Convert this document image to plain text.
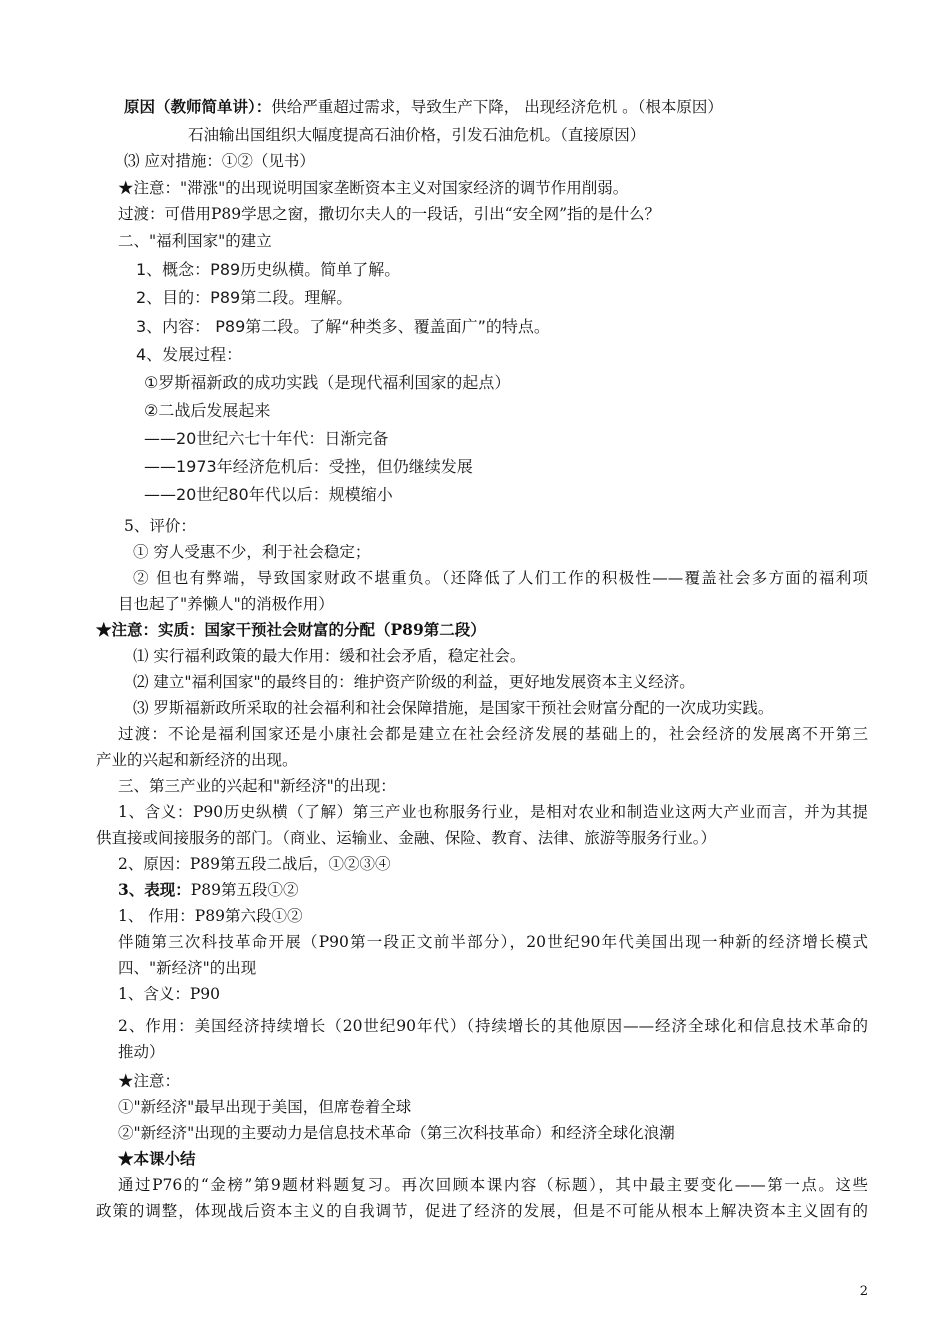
原因（教师简单讲）：供给严重超过需求，导致生产下降， 出现经济危机 。（根本原因）
石油输出国组织大幅度提高石油价格，引发石油危机。（直接原因）
⑶ 应对措施：①②（见书）
★注意："滞涨"的出现说明国家垄断资本主义对国家经济的调节作用削弱。
过渡：可借用P89学思之窗，撒切尔夫人的一段话，引出“安全网”指的是什么？
二、"福利国家"的建立
1、概念：P89历史纵横。简单了解。
2、目的：P89第二段。理解。
3、内容： P89第二段。了解“种类多、覆盖面广”的特点。
4、发展过程：
①罗斯福新政的成功实践（是现代福利国家的起点）
②二战后发展起来
——20世纪六七十年代：日渐完备
——1973年经济危机后：受挫，但仍继续发展
——20世纪80年代以后：规模缩小
5、评价：
① 穷人受惠不少，利于社会稳定；
② 但也有弊端，导致国家财政不堪重负。（还降低了人们工作的积极性——覆盖社会多方面的福利项
目也起了"养懒人"的消极作用）
★注意：实质：国家干预社会财富的分配（P89第二段）
⑴ 实行福利政策的最大作用：缓和社会矛盾，稳定社会。
⑵ 建立"福利国家"的最终目的：维护资产阶级的利益，更好地发展资本主义经济。
⑶ 罗斯福新政所采取的社会福利和社会保障措施，是国家干预社会财富分配的一次成功实践。
过渡：不论是福利国家还是小康社会都是建立在社会经济发展的基础上的，社会经济的发展离不开第三
产业的兴起和新经济的出现。
三、第三产业的兴起和"新经济"的出现：
1、含义：P90历史纵横（了解）第三产业也称服务行业，是相对农业和制造业这两大产业而言，并为其提
供直接或间接服务的部门。（商业、运输业、金融、保险、教育、法律、旅游等服务行业。）
2、原因：P89第五段二战后，①②③④
3、表现：P89第五段①②
1、 作用：P89第六段①②
伴随第三次科技革命开展（P90第一段正文前半部分），20世纪90年代美国出现一种新的经济增长模式
四、"新经济"的出现
1、含义：P90
2、作用：美国经济持续增长（20世纪90年代）（持续增长的其他原因——经济全球化和信息技术革命的
推动）
★注意：
①"新经济"最早出现于美国，但席卷着全球
②"新经济"出现的主要动力是信息技术革命（第三次科技革命）和经济全球化浪潮
★本课小结
通过P76的“金榜”第9题材料题复习。再次回顾本课内容（标题），其中最主要变化——第一点。这些
政策的调整，体现战后资本主义的自我调节，促进了经济的发展，但是不可能从根本上解决资本主义固有的
2
